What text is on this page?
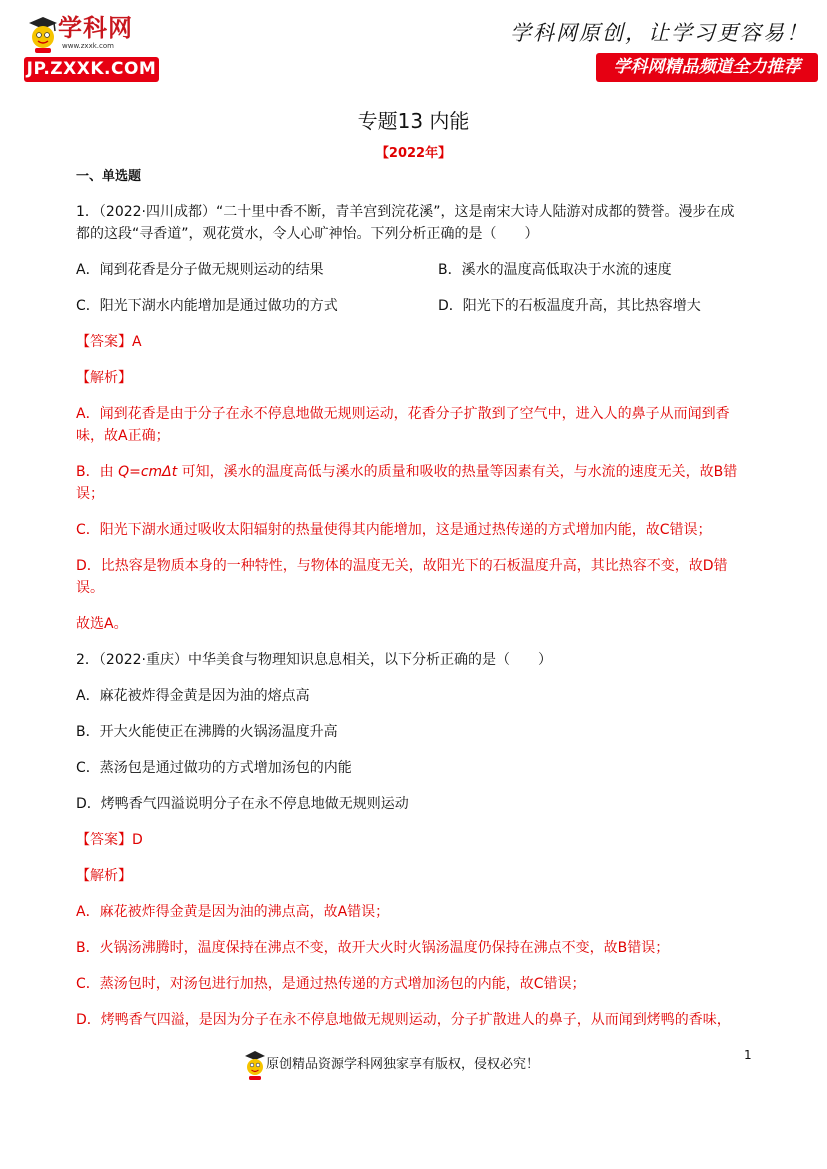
学科网
www.zxxk.com
JP.ZXXK.COM
学科网原创，让学习更容易！
学科网精品频道全力推荐
专题13 内能
【2022年】
一、单选题
1．（2022·四川成都）“二十里中香不断，青羊宫到浣花溪”，这是南宋大诗人陆游对成都的赞誉。漫步在成
都的这段“寻香道”，观花赏水，令人心旷神怡。下列分析正确的是（　　）
A．闻到花香是分子做无规则运动的结果	B．溪水的温度高低取决于水流的速度
C．阳光下湖水内能增加是通过做功的方式	D．阳光下的石板温度升高，其比热容增大
【答案】A
【解析】
A．闻到花香是由于分子在永不停息地做无规则运动，花香分子扩散到了空气中，进入人的鼻子从而闻到香
味，故A正确；
B．由 Q=cmΔt 可知，溪水的温度高低与溪水的质量和吸收的热量等因素有关，与水流的速度无关，故B错
误；
C．阳光下湖水通过吸收太阳辐射的热量使得其内能增加，这是通过热传递的方式增加内能，故C错误；
D．比热容是物质本身的一种特性，与物体的温度无关，故阳光下的石板温度升高，其比热容不变，故D错
误。
故选A。
2．（2022·重庆）中华美食与物理知识息息相关，以下分析正确的是（　　）
A．麻花被炸得金黄是因为油的熔点高
B．开大火能使正在沸腾的火锅汤温度升高
C．蒸汤包是通过做功的方式增加汤包的内能
D．烤鸭香气四溢说明分子在永不停息地做无规则运动
【答案】D
【解析】
A．麻花被炸得金黄是因为油的沸点高，故A错误；
B．火锅汤沸腾时，温度保持在沸点不变，故开大火时火锅汤温度仍保持在沸点不变，故B错误；
C．蒸汤包时，对汤包进行加热，是通过热传递的方式增加汤包的内能，故C错误；
D．烤鸭香气四溢，是因为分子在永不停息地做无规则运动，分子扩散进人的鼻子，从而闻到烤鸭的香味，
1
原创精品资源学科网独家享有版权，侵权必究！
